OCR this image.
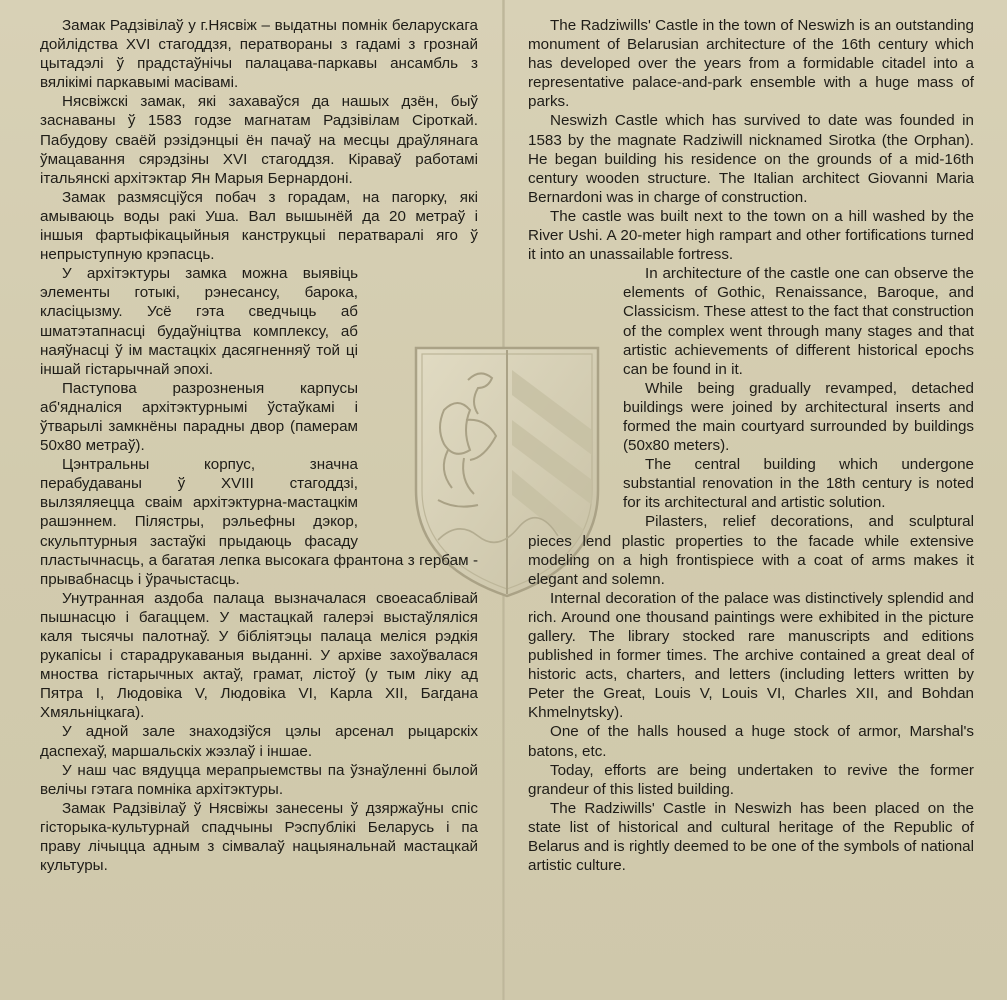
Замак Радзівілаў у г.Нясвіж – выдатны помнік беларускага дойлідства XVI стагоддзя, ператвораны з гадамі з грознай цытадэлі ў прадстаўнічы палацава-паркавы ансамбль з вялікімі паркавымі масівамі.

Нясвіжскі замак, які захаваўся да нашых дзён, быў заснаваны ў 1583 годзе магнатам Радзівілам Сіроткай. Пабудову сваёй рэзідэнцыі ён пачаў на месцы драўлянага ўмацавання сярэдзіны XVI стагоддзя. Кіраваў работамі італьянскі архітэктар Ян Марыя Бернардоні.

Замак размясціўся побач з горадам, на пагорку, які амываюць воды ракі Уша. Вал вышынёй да 20 метраў і іншыя фартыфікацыйныя канструкцыі ператваралі яго ў непрыступную крэпасць.

У архітэктуры замка можна выявіць элементы готыкі, рэнесансу, барока, класіцызму. Усё гэта сведчыць аб шматэтапнасці будаўніцтва комплексу, аб наяўнасці ў ім мастацкіх дасягненняў той ці іншай гістарычнай эпохі.

Паступова разрозненыя карпусы аб'ядналіся архітэктурнымі ўстаўкамі і ўтварылі замкнёны парадны двор (памерам 50х80 метраў).

Цэнтральны корпус, значна перабудаваны ў XVIII стагоддзі, вылзяляецца сваім архітэктурна-мастацкім рашэннем. Пілястры, рэльефны дэкор, скульптурныя застаўкі прыдаюць фасаду пластычнасць, а багатая лепка высокага франтона з гербам - прывабнасць і ўрачыстасць.

Унутранная аздоба палаца вызначалася своеасаблівай пышнасцю і багаццем. У мастацкай галерэі выстаўляліся каля тысячы палотнаў. У бібліятэцы палаца меліся рэдкія рукапісы і старадрукаваныя выданні. У архіве захоўвалася мноства гістарычных актаў, грамат, лістоў (у тым ліку ад Пятра I, Людовіка V, Людовіка VI, Карла XII, Багдана Хмяльніцкага).

У адной зале знаходзіўся цэлы арсенал рыцарскіх даспехаў, маршальскіх жэзлаў і іншае.

У наш час вядуцца мерапрыемствы па ўзнаўленні былой велічы гэтага помніка архітэктуры.

Замак Радзівілаў ў Нясвіжы занесены ў дзяржаўны спіс гісторыка-культурнай спадчыны Рэспублікі Беларусь і па праву лічыцца адным з сімвалаў нацыянальнай мастацкай культуры.

The Radziwills' Castle in the town of Neswizh is an outstanding monument of Belarusian architecture of the 16th century which has developed over the years from a formidable citadel into a representative palace-and-park ensemble with a huge mass of parks.

Neswizh Castle which has survived to date was founded in 1583 by the magnate Radziwill nicknamed Sirotka (the Orphan). He began building his residence on the grounds of a mid-16th century wooden structure. The Italian architect Giovanni Maria Bernardoni was in charge of construction.

The castle was built next to the town on a hill washed by the River Ushi. A 20-meter high rampart and other fortifications turned it into an unassailable fortress.

In architecture of the castle one can observe the elements of Gothic, Renaissance, Baroque, and Classicism. These attest to the fact that construction of the complex went through many stages and that artistic achievements of different historical epochs can be found in it.

While being gradually revamped, detached buildings were joined by architectural inserts and formed the main courtyard surrounded by buildings (50x80 meters).

The central building which undergone substantial renovation in the 18th century is noted for its architectural and artistic solution.

Pilasters, relief decorations, and sculptural pieces lend plastic properties to the facade while extensive modeling on a high frontispiece with a coat of arms makes it elegant and solemn.

Internal decoration of the palace was distinctively splendid and rich. Around one thousand paintings were exhibited in the picture gallery. The library stocked rare manuscripts and editions published in former times. The archive contained a great deal of historic acts, charters, and letters (including letters written by Peter the Great, Louis V, Louis VI, Charles XII, and Bohdan Khmelnytsky).

One of the halls housed a huge stock of armor, Marshal's batons, etc.

Today, efforts are being undertaken to revive the former grandeur of this listed building.

The Radziwills' Castle in Neswizh has been placed on the state list of historical and cultural heritage of the Republic of Belarus and is rightly deemed to be one of the symbols of national artistic culture.
